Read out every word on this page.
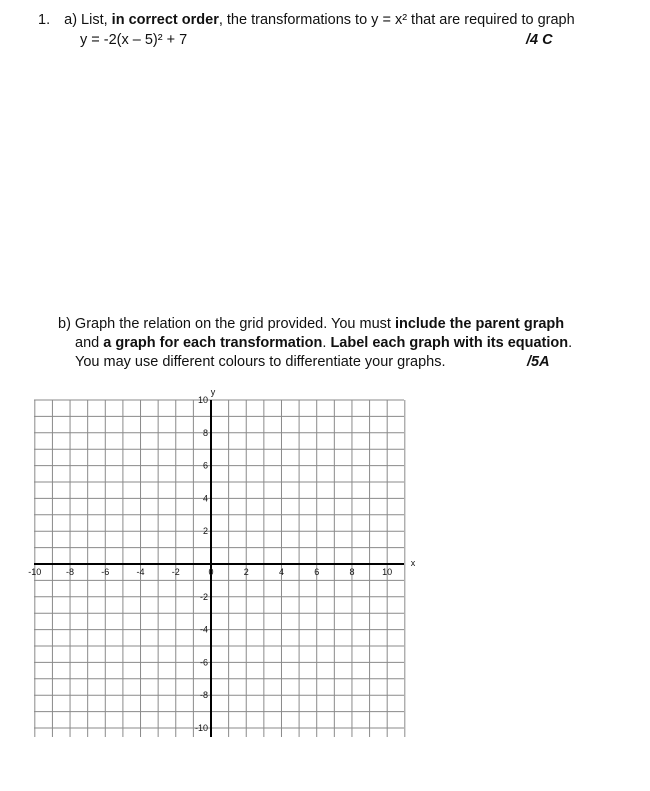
1. a) List, in correct order, the transformations to y = x² that are required to graph
y = -2(x – 5)² + 7	/4 C
b) Graph the relation on the grid provided. You must include the parent graph
and a graph for each transformation. Label each graph with its equation.
You may use different colours to differentiate your graphs.	/5A
-10	-8	-6	-4	-2	0	2	4	6	8	10
10
8
6
4
2
-2
-4
-6
-8
-10
x
y
